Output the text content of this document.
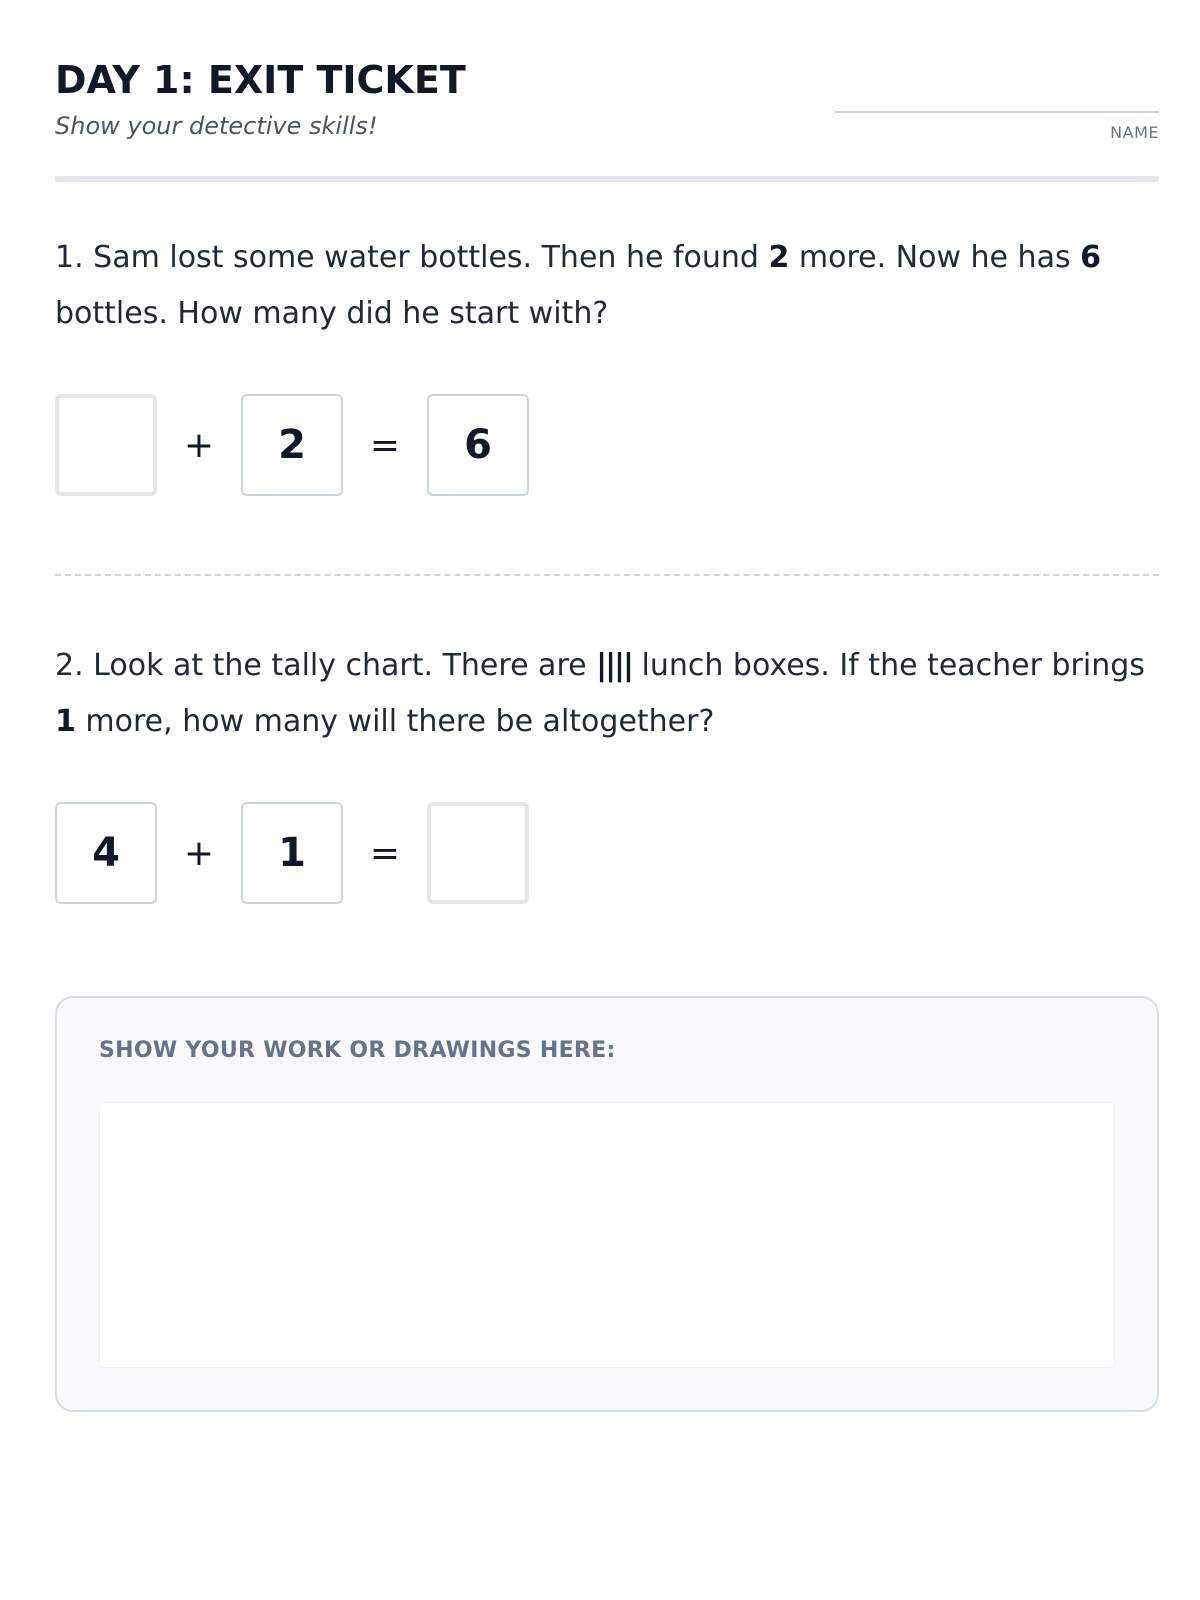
DAY 1: EXIT TICKET
Show your detective skills!	NAME

1. Sam lost some water bottles. Then he found 2 more. Now he has 6 bottles. How many did he start with?

+	2	=	6

2. Look at the tally chart. There are |||| lunch boxes. If the teacher brings 1 more, how many will there be altogether?

4	+	1	=
SHOW YOUR WORK OR DRAWINGS HERE:
